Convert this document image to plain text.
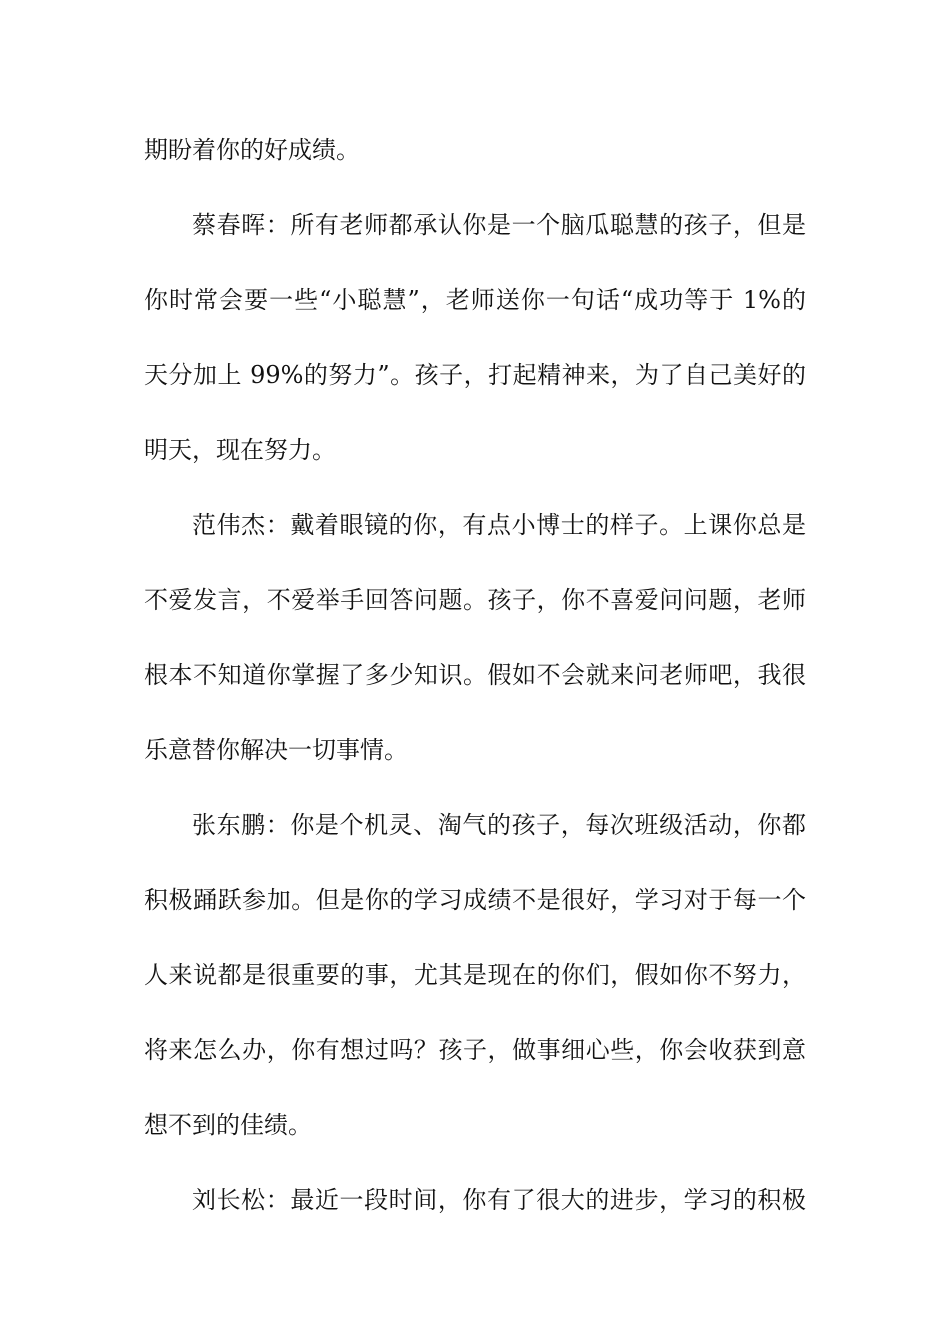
期盼着你的好成绩。
蔡春晖：所有老师都承认你是一个脑瓜聪慧的孩子，但是
你时常会要一些“小聪慧”，老师送你一句话“成功等于 1%的
天分加上 99%的努力”。孩子，打起精神来，为了自己美好的
明天，现在努力。
范伟杰：戴着眼镜的你，有点小博士的样子。上课你总是
不爱发言，不爱举手回答问题。孩子，你不喜爱问问题，老师
根本不知道你掌握了多少知识。假如不会就来问老师吧，我很
乐意替你解决一切事情。
张东鹏：你是个机灵、淘气的孩子，每次班级活动，你都
积极踊跃参加。但是你的学习成绩不是很好，学习对于每一个
人来说都是很重要的事，尤其是现在的你们，假如你不努力，
将来怎么办，你有想过吗？孩子，做事细心些，你会收获到意
想不到的佳绩。
刘长松：最近一段时间，你有了很大的进步，学习的积极
